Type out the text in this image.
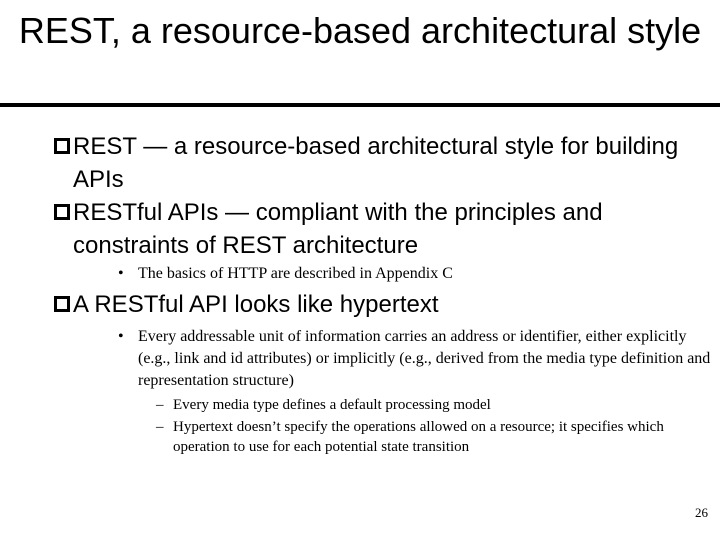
REST, a resource-based architectural style
REST — a resource-based architectural style for building APIs
RESTful APIs — compliant with the principles and constraints of REST architecture
• The basics of HTTP are described in Appendix C
A RESTful API looks like hypertext
• Every addressable unit of information carries an address or identifier, either explicitly (e.g., link and id attributes) or implicitly (e.g., derived from the media type definition and representation structure)
– Every media type defines a default processing model
– Hypertext doesn’t specify the operations allowed on a resource; it specifies which operation to use for each potential state transition
26
